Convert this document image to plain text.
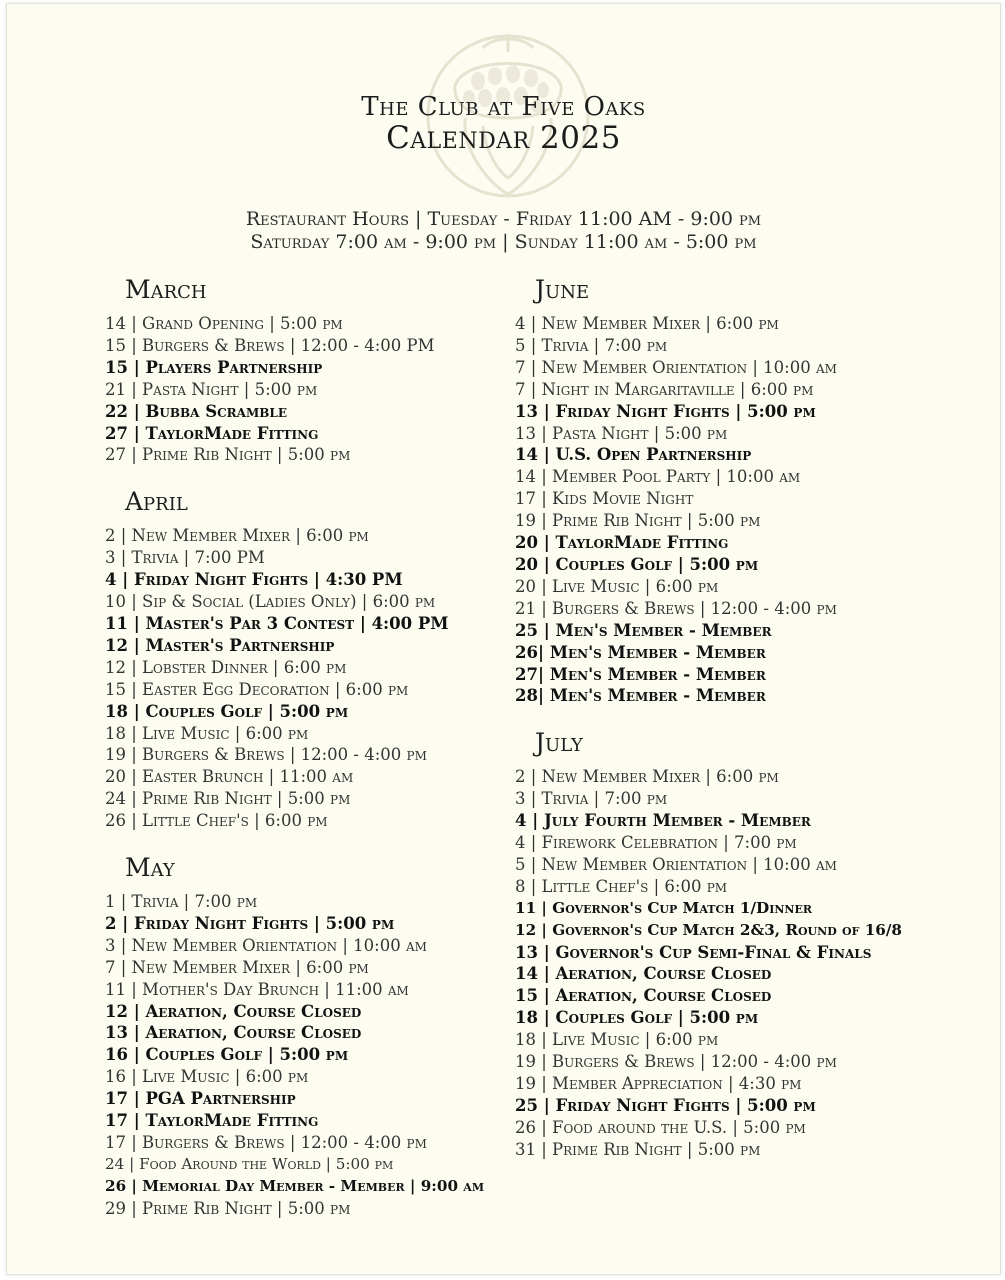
The Club at Five Oaks
Calendar 2025
Restaurant Hours | Tuesday - Friday 11:00 AM - 9:00 pm
Saturday 7:00 am - 9:00 pm | Sunday 11:00 am - 5:00 pm
March
14 | Grand Opening | 5:00 pm
15 | Burgers & Brews | 12:00 - 4:00 PM
15 | Players Partnership
21 | Pasta Night | 5:00 pm
22 | Bubba Scramble
27 | TaylorMade Fitting
27 | Prime Rib Night | 5:00 pm
April
2 | New Member Mixer | 6:00 pm
3 | Trivia | 7:00 PM
4 | Friday Night Fights | 4:30 PM
10 | Sip & Social (Ladies Only) | 6:00 pm
11 | Master's Par 3 Contest | 4:00 PM
12 | Master's Partnership
12 | Lobster Dinner | 6:00 pm
15 | Easter Egg Decoration | 6:00 pm
18 | Couples Golf | 5:00 pm
18 | Live Music | 6:00 pm
19 | Burgers & Brews | 12:00 - 4:00 pm
20 | Easter Brunch | 11:00 am
24 | Prime Rib Night | 5:00 pm
26 | Little Chef's | 6:00 pm
May
1 | Trivia | 7:00 pm
2 | Friday Night Fights | 5:00 pm
3 | New Member Orientation | 10:00 am
7 | New Member Mixer | 6:00 pm
11 | Mother's Day Brunch | 11:00 am
12 | Aeration, Course Closed
13 | Aeration, Course Closed
16 | Couples Golf | 5:00 pm
16 | Live Music | 6:00 pm
17 | PGA Partnership
17 | TaylorMade Fitting
17 | Burgers & Brews | 12:00 - 4:00 pm
24 | Food Around the World | 5:00 pm
26 | Memorial Day Member - Member | 9:00 am
29 | Prime Rib Night | 5:00 pm
June
4 | New Member Mixer | 6:00 pm
5 | Trivia | 7:00 pm
7 | New Member Orientation | 10:00 am
7 | Night in Margaritaville | 6:00 pm
13 | Friday Night Fights | 5:00 pm
13 | Pasta Night | 5:00 pm
14 | U.S. Open Partnership
14 | Member Pool Party | 10:00 am
17 | Kids Movie Night
19 | Prime Rib Night | 5:00 pm
20 | TaylorMade Fitting
20 | Couples Golf | 5:00 pm
20 | Live Music | 6:00 pm
21 | Burgers & Brews | 12:00 - 4:00 pm
25 | Men's Member - Member
26| Men's Member - Member
27| Men's Member - Member
28| Men's Member - Member
July
2 | New Member Mixer | 6:00 pm
3 | Trivia | 7:00 pm
4 | July Fourth Member - Member
4 | Firework Celebration | 7:00 pm
5 | New Member Orientation | 10:00 am
8 | Little Chef's | 6:00 pm
11 | Governor's Cup Match 1/Dinner
12 | Governor's Cup Match 2&3, Round of 16/8
13 | Governor's Cup Semi-Final & Finals
14 | Aeration, Course Closed
15 | Aeration, Course Closed
18 | Couples Golf | 5:00 pm
18 | Live Music | 6:00 pm
19 | Burgers & Brews | 12:00 - 4:00 pm
19 | Member Appreciation | 4:30 pm
25 | Friday Night Fights | 5:00 pm
26 | Food around the U.S. | 5:00 pm
31 | Prime Rib Night | 5:00 pm
